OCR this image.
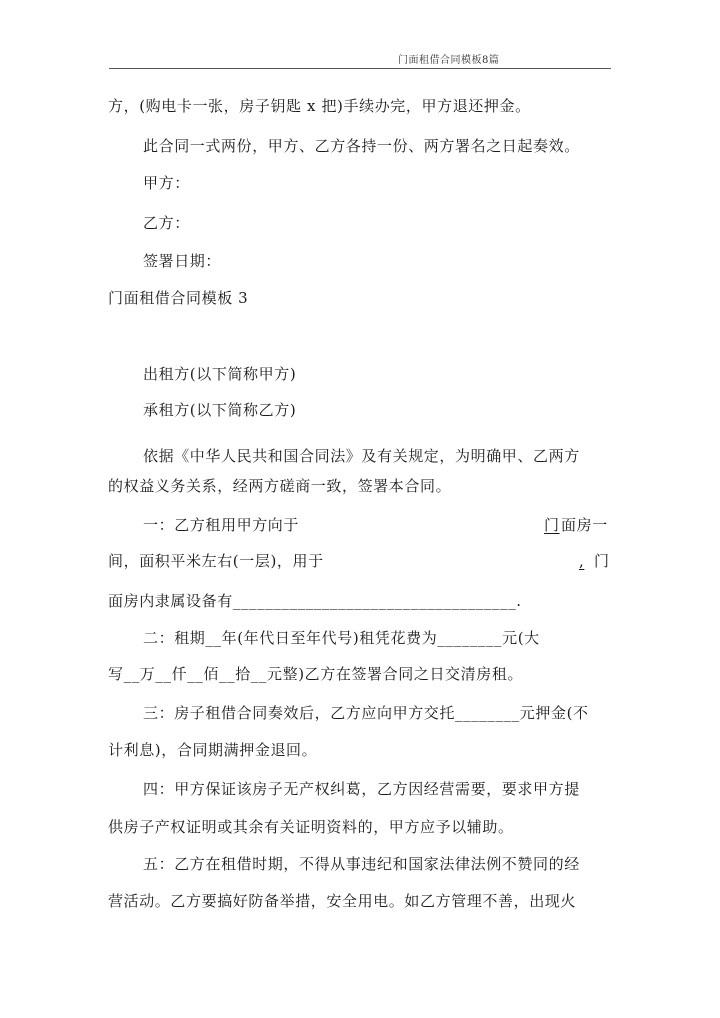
门面租借合同模板8篇
方，(购电卡一张，房子钥匙 x 把)手续办完，甲方退还押金。
此合同一式两份，甲方、乙方各持一份、两方署名之日起奏效。
甲方：
乙方：
签署日期：
门面租借合同模板 3
出租方(以下简称甲方)
承租方(以下简称乙方)
依据《中华人民共和国合同法》及有关规定，为明确甲、乙两方
的权益义务关系，经两方磋商一致，签署本合同。
一：乙方租用甲方向于	门 面房一
间，面积平米左右(一层)，用于	, 门
面房内隶属设备有___________________________________.
二：租期__年(年代日至年代号)租凭花费为________元(大
写__万__仟__佰__拾__元整)乙方在签署合同之日交清房租。
三：房子租借合同奏效后，乙方应向甲方交托________元押金(不
计利息)，合同期满押金退回。
四：甲方保证该房子无产权纠葛，乙方因经营需要，要求甲方提
供房子产权证明或其余有关证明资料的，甲方应予以辅助。
五：乙方在租借时期，不得从事违纪和国家法律法例不赞同的经
营活动。乙方要搞好防备举措，安全用电。如乙方管理不善，出现火
